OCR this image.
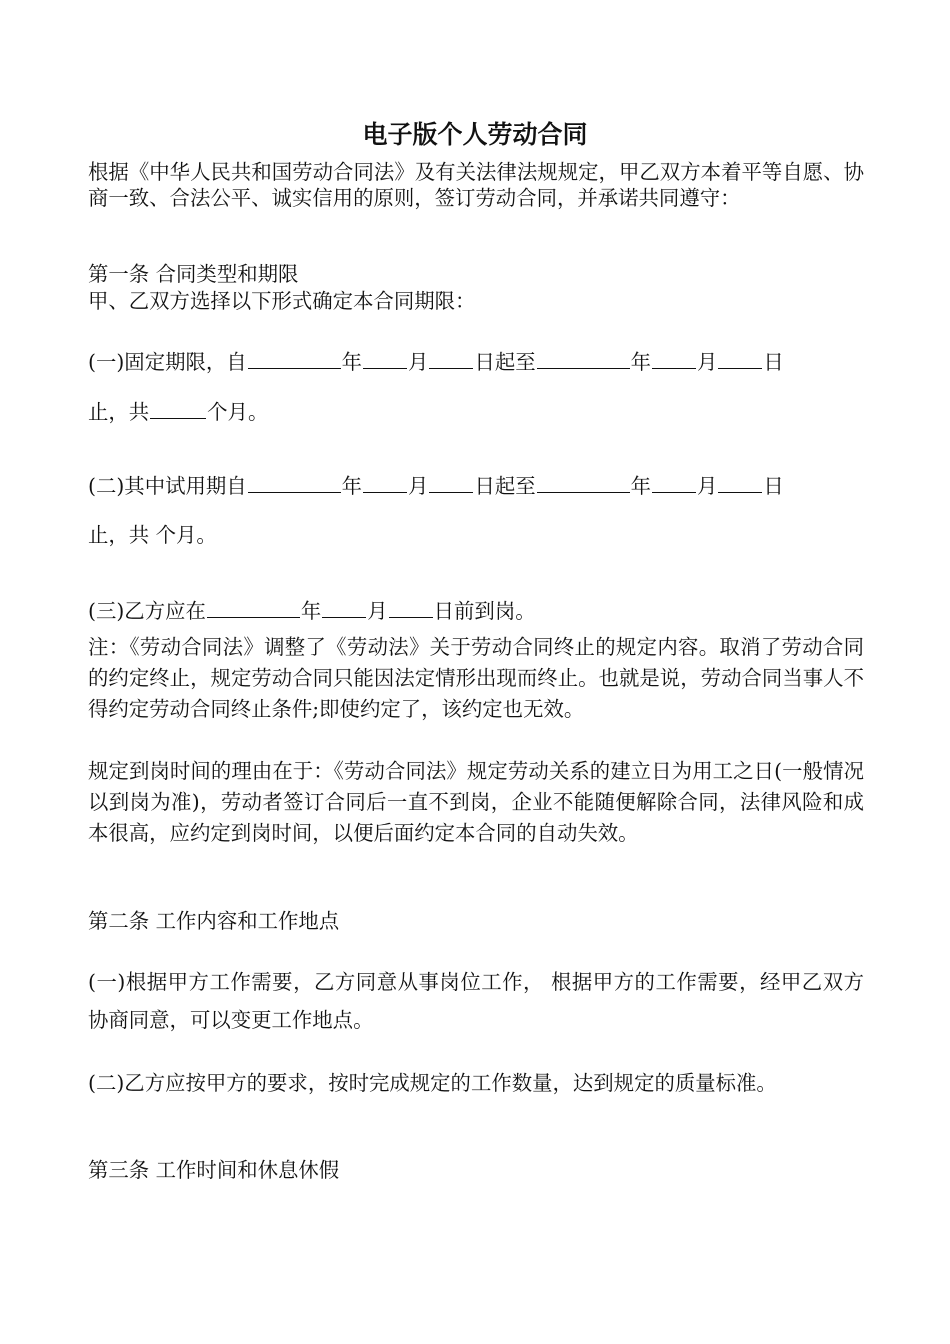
电子版个人劳动合同

根据《中华人民共和国劳动合同法》及有关法律法规规定，甲乙双方本着平等自愿、协商一致、合法公平、诚实信用的原则，签订劳动合同，并承诺共同遵守：

第一条 合同类型和期限

甲、乙双方选择以下形式确定本合同期限：

(一)固定期限，自	年 月 日起至	年 月 日

止，共	个月。

(二)其中试用期自	年 月 日起至	年 月 日

止，共 个月。

(三)乙方应在	年 月 日前到岗。

注：《劳动合同法》调整了《劳动法》关于劳动合同终止的规定内容。取消了劳动合同的约定终止，规定劳动合同只能因法定情形出现而终止。也就是说，劳动合同当事人不得约定劳动合同终止条件;即使约定了，该约定也无效。

规定到岗时间的理由在于：《劳动合同法》规定劳动关系的建立日为用工之日(一般情况以到岗为准)，劳动者签订合同后一直不到岗，企业不能随便解除合同，法律风险和成本很高，应约定到岗时间，以便后面约定本合同的自动失效。

第二条 工作内容和工作地点

(一)根据甲方工作需要，乙方同意从事岗位工作， 根据甲方的工作需要，经甲乙双方协商同意，可以变更工作地点。

(二)乙方应按甲方的要求，按时完成规定的工作数量，达到规定的质量标准。

第三条 工作时间和休息休假
